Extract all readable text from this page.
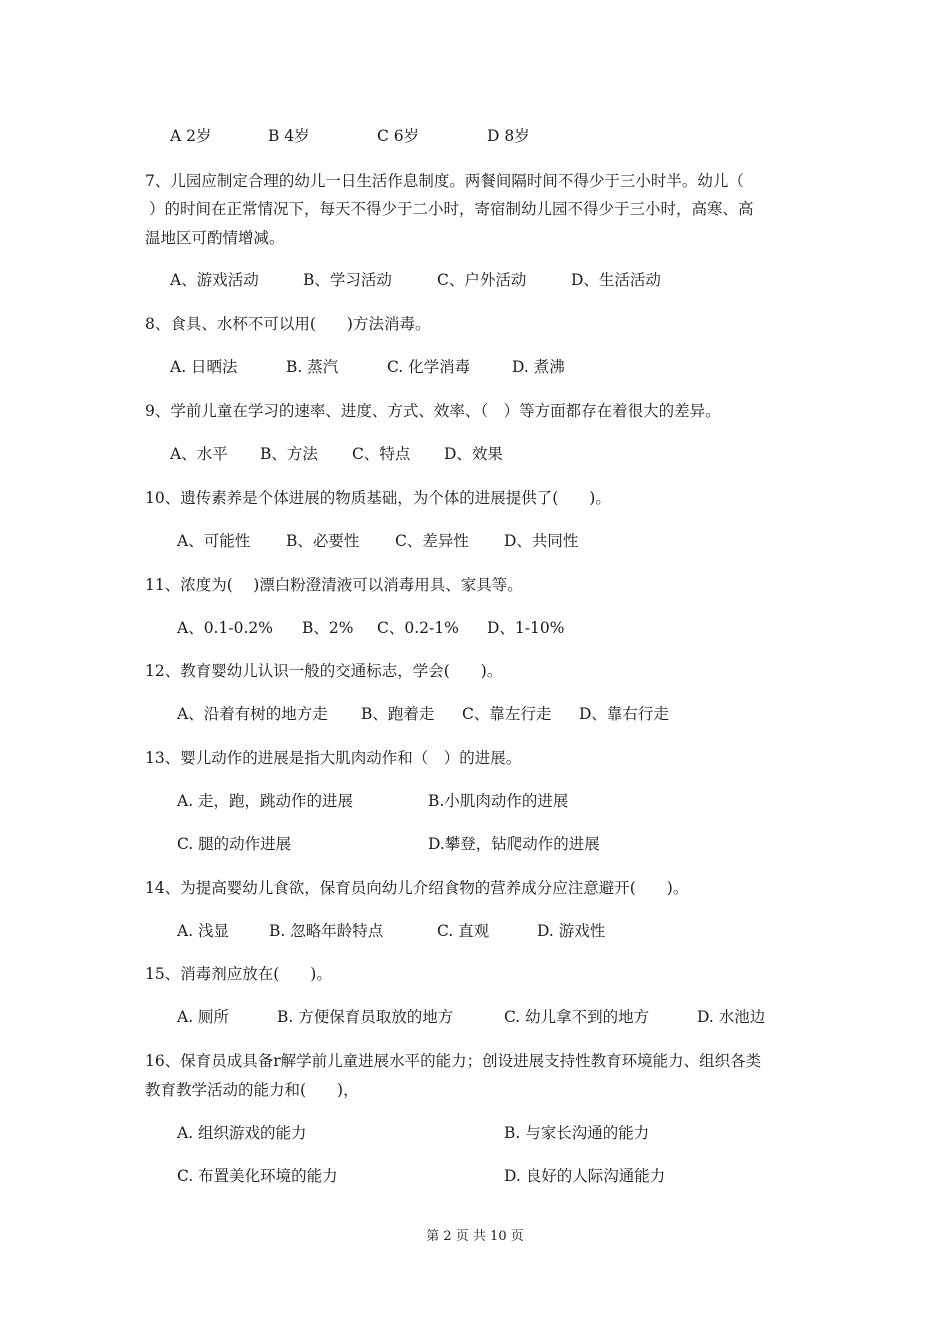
A 2岁	B 4岁	C 6岁	D 8岁
7、儿园应制定合理的幼儿一日生活作息制度。两餐间隔时间不得少于三小时半。幼儿（
）的时间在正常情况下，每天不得少于二小时，寄宿制幼儿园不得少于三小时，高寒、高
温地区可酌情增减。
A、游戏活动	B、学习活动	C、户外活动	D、生活活动
8、食具、水杯不可以用(　　)方法消毒。
A. 日晒法	B. 蒸汽	C. 化学消毒	D. 煮沸
9、学前儿童在学习的速率、进度、方式、效率、（　）等方面都存在着很大的差异。
A、水平 B、方法 C、特点 D、效果
10、遗传素养是个体进展的物质基础，为个体的进展提供了(　　)。
A、可能性 B、必要性 C、差异性 D、共同性
11、浓度为(　 )漂白粉澄清液可以消毒用具、家具等。
A、0.1-0.2% B、2% C、0.2-1% D、1-10%
12、教育婴幼儿认识一般的交通标志，学会(　　)。
A、沿着有树的地方走 B、跑着走 C、靠左行走 D、靠右行走
13、婴儿动作的进展是指大肌肉动作和（　）的进展。
A. 走，跑，跳动作的进展	B.小肌肉动作的进展
C. 腿的动作进展	D.攀登，钻爬动作的进展
14、为提高婴幼儿食欲，保育员向幼儿介绍食物的营养成分应注意避开(　　)。
A. 浅显	B. 忽略年龄特点	C. 直观	D. 游戏性
15、消毒剂应放在(　　)。
A. 厕所	B. 方便保育员取放的地方	C. 幼儿拿不到的地方	D. 水池边
16、保育员成具备r解学前儿童进展水平的能力；创设进展支持性教育环境能力、组织各类
教育教学活动的能力和(　　)，
A. 组织游戏的能力	B. 与家长沟通的能力
C. 布置美化环境的能力	D. 良好的人际沟通能力
第 2 页 共 10 页
